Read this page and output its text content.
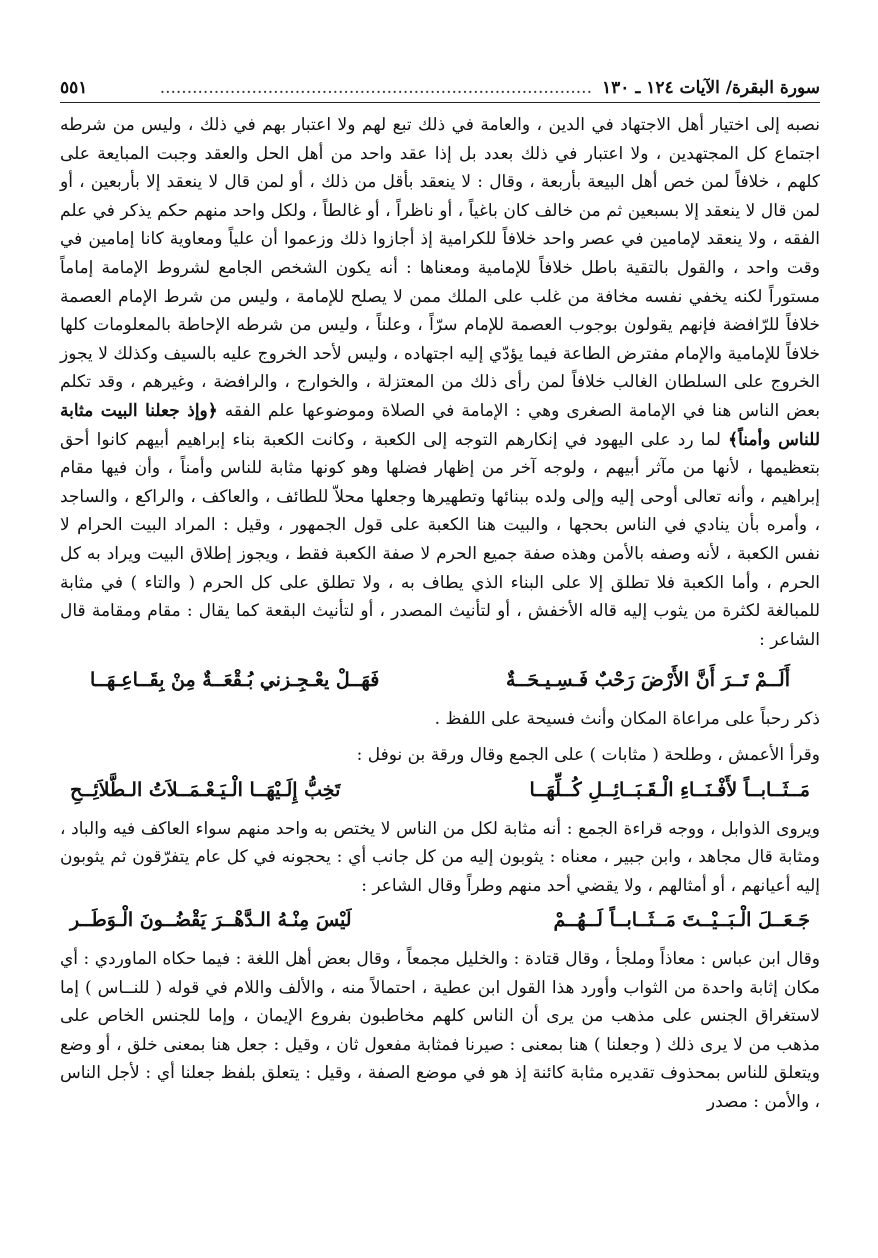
سورة البقرة/ الآيات ١٢٤ ـ ١٣٠
................................................................................
٥٥١

نصبه إلى اختيار أهل الاجتهاد في الدين ، والعامة في ذلك تبع لهم ولا اعتبار بهم في ذلك ، وليس من شرطه اجتماع كل المجتهدين ، ولا اعتبار في ذلك بعدد بل إذا عقد واحد من أهل الحل والعقد وجبت المبايعة على كلهم ، خلافاً لمن خص أهل البيعة بأربعة ، وقال : لا ينعقد بأقل من ذلك ، أو لمن قال لا ينعقد إلا بأربعين ، أو لمن قال لا ينعقد إلا بسبعين ثم من خالف كان باغياً ، أو ناظراً ، أو غالطاً ، ولكل واحد منهم حكم يذكر في علم الفقه ، ولا ينعقد لإمامين في عصر واحد خلافاً للكرامية إذ أجازوا ذلك وزعموا أن علياً ومعاوية كانا إمامين في وقت واحد ، والقول بالتقية باطل خلافاً للإمامية ومعناها : أنه يكون الشخص الجامع لشروط الإمامة إماماً مستوراً لكنه يخفي نفسه مخافة من غلب على الملك ممن لا يصلح للإمامة ، وليس من شرط الإمام العصمة خلافاً للرّافضة فإنهم يقولون بوجوب العصمة للإمام سرّاً ، وعلناً ، وليس من شرطه الإحاطة بالمعلومات كلها خلافاً للإمامية والإمام مفترض الطاعة فيما يؤدّي إليه اجتهاده ، وليس لأحد الخروج عليه بالسيف وكذلك لا يجوز الخروج على السلطان الغالب خلافاً لمن رأى ذلك من المعتزلة ، والخوارج ، والرافضة ، وغيرهم ، وقد تكلم بعض الناس هنا في الإمامة الصغرى وهي : الإمامة في الصلاة وموضوعها علم الفقه ﴿وإذ جعلنا البيت مثابة للناس وأمناً﴾ لما رد على اليهود في إنكارهم التوجه إلى الكعبة ، وكانت الكعبة بناء إبراهيم أبيهم كانوا أحق بتعظيمها ، لأنها من مآثر أبيهم ، ولوجه آخر من إظهار فضلها وهو كونها مثابة للناس وأمناً ، وأن فيها مقام إبراهيم ، وأنه تعالى أوحى إليه وإلى ولده ببنائها وتطهيرها وجعلها محلاّ للطائف ، والعاكف ، والراكع ، والساجد ، وأمره بأن ينادي في الناس بحجها ، والبيت هنا الكعبة على قول الجمهور ، وقيل : المراد البيت الحرام لا نفس الكعبة ، لأنه وصفه بالأمن وهذه صفة جميع الحرم لا صفة الكعبة فقط ، ويجوز إطلاق البيت ويراد به كل الحرم ، وأما الكعبة فلا تطلق إلا على البناء الذي يطاف به ، ولا تطلق على كل الحرم ( والتاء ) في مثابة للمبالغة لكثرة من يثوب إليه قاله الأخفش ، أو لتأنيث المصدر ، أو لتأنيث البقعة كما يقال : مقام ومقامة قال الشاعر :

أَلَــمْ تَــرَ أَنَّ الأَرْضَ رَحْبٌ فَـسِـيـحَــةٌ
فَهَــلْ يعْـجِـزني بُـقْعَــةٌ مِنْ بِقَــاعِـهَــا

ذكر رحباً على مراعاة المكان وأنث فسيحة على اللفظ .

وقرأ الأعمش ، وطلحة ( مثابات ) على الجمع وقال ورقة بن نوفل :

مَــثَــابــاً لأَفْـنَــاءِ الْـقَـبَــائِــلِ كُــلِّهَــا
تَخِبُّ إِلَـيْهَــا الْـيَـعْـمَــلاَتُ الـطَّلاَئِــحِ

ويروى الذوابل ، ووجه قراءة الجمع : أنه مثابة لكل من الناس لا يختص به واحد منهم سواء العاكف فيه والباد ، ومثابة قال مجاهد ، وابن جبير ، معناه : يثوبون إليه من كل جانب أي : يحجونه في كل عام يتفرّقون ثم يثوبون إليه أعيانهم ، أو أمثالهم ، ولا يقضي أحد منهم وطراً وقال الشاعر :

جَـعَــلَ الْـبَــيْــتَ مَــثَــابــاً لَــهُــمْ
لَيْسَ مِنْـهُ الـدَّهْــرَ يَقْضُــونَ الْـوَطَــر

وقال ابن عباس : معاذاً وملجأ ، وقال قتادة : والخليل مجمعاً ، وقال بعض أهل اللغة : فيما حكاه الماوردي : أي مكان إثابة واحدة من الثواب وأورد هذا القول ابن عطية ، احتمالاً منه ، والألف واللام في قوله ( للنــاس ) إما لاستغراق الجنس على مذهب من يرى أن الناس كلهم مخاطبون بفروع الإيمان ، وإما للجنس الخاص على مذهب من لا يرى ذلك ( وجعلنا ) هنا بمعنى : صيرنا فمثابة مفعول ثان ، وقيل : جعل هنا بمعنى خلق ، أو وضع ويتعلق للناس بمحذوف تقديره مثابة كائنة إذ هو في موضع الصفة ، وقيل : يتعلق بلفظ جعلنا أي : لأجل الناس ، والأمن : مصدر
